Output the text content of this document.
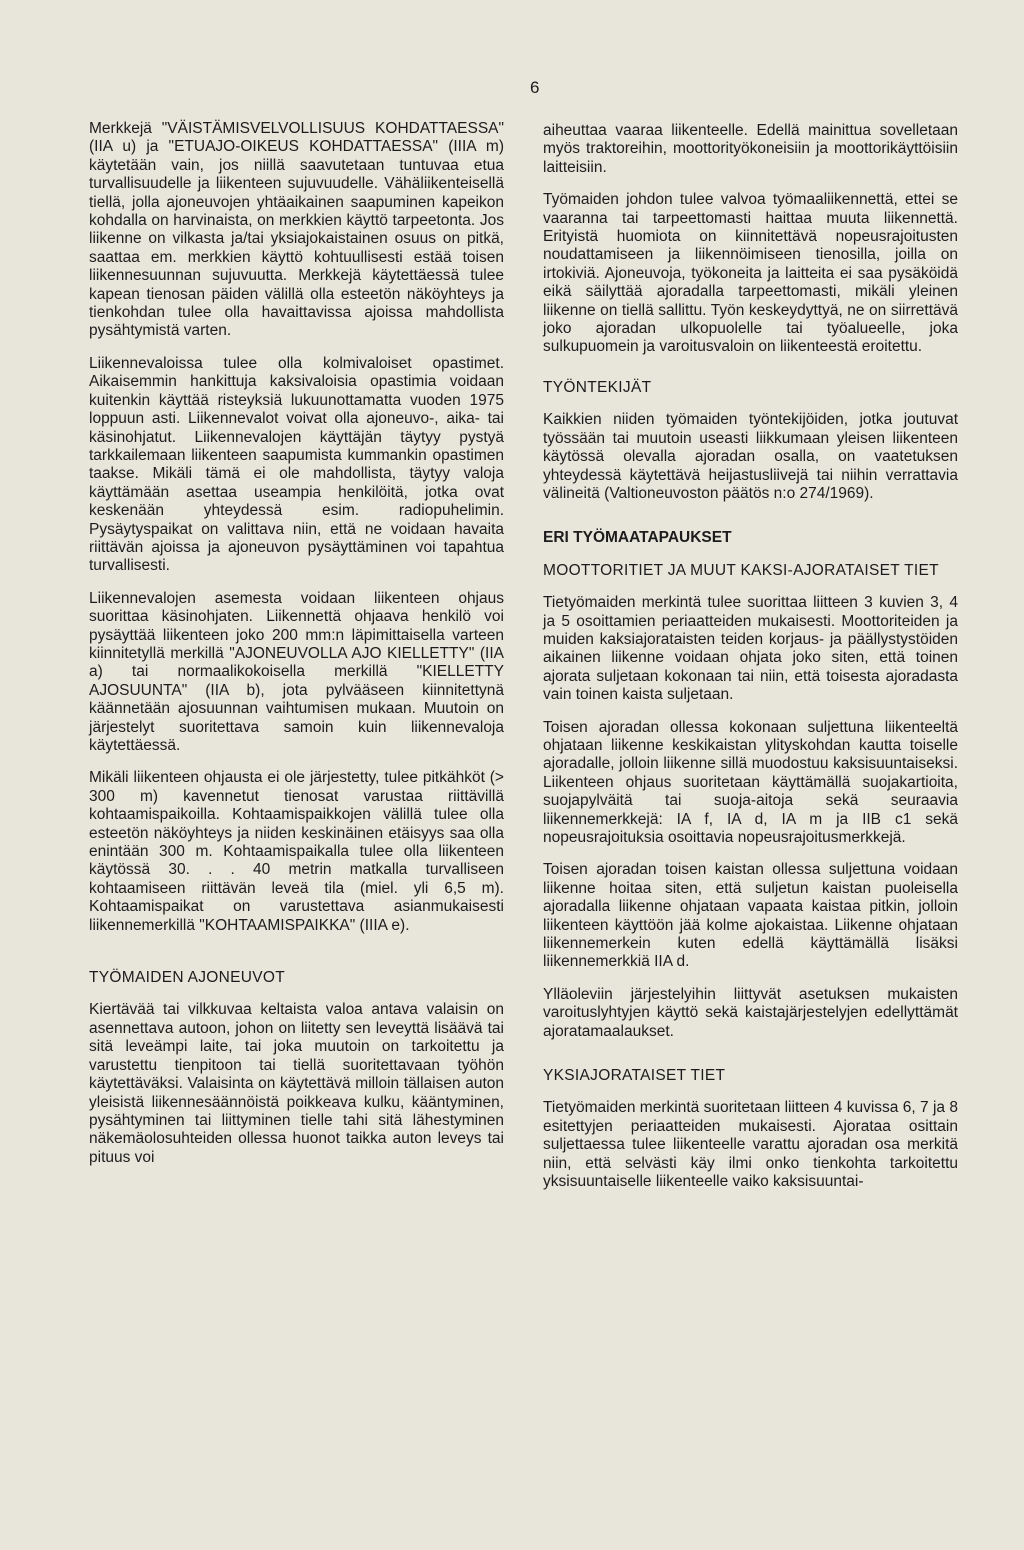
6

Merkkejä "VÄISTÄMISVELVOLLISUUS KOHDATTAESSA" (IIA u) ja "ETUAJO-OIKEUS KOHDATTAESSA" (IIIA m) käytetään vain, jos niillä saavutetaan tuntuvaa etua turvallisuudelle ja liikenteen sujuvuudelle. Vähäliikenteisellä tiellä, jolla ajoneuvojen yhtäaikainen saapuminen kapeikon kohdalla on harvinaista, on merkkien käyttö tarpeetonta. Jos liikenne on vilkasta ja/tai yksiajokaistainen osuus on pitkä, saattaa em. merkkien käyttö kohtuullisesti estää toisen liikennesuunnan sujuvuutta. Merkkejä käytettäessä tulee kapean tienosan päiden välillä olla esteetön näköyhteys ja tienkohdan tulee olla havaittavissa ajoissa mahdollista pysähtymistä varten.

Liikennevaloissa tulee olla kolmivaloiset opastimet. Aikaisemmin hankittuja kaksivaloisia opastimia voidaan kuitenkin käyttää risteyksiä lukuunottamatta vuoden 1975 loppuun asti. Liikennevalot voivat olla ajoneuvo-, aika- tai käsinohjatut. Liikennevalojen käyttäjän täytyy pystyä tarkkailemaan liikenteen saapumista kummankin opastimen taakse. Mikäli tämä ei ole mahdollista, täytyy valoja käyttämään asettaa useampia henkilöitä, jotka ovat keskenään yhteydessä esim. radiopuhelimin. Pysäytyspaikat on valittava niin, että ne voidaan havaita riittävän ajoissa ja ajoneuvon pysäyttäminen voi tapahtua turvallisesti.

Liikennevalojen asemesta voidaan liikenteen ohjaus suorittaa käsinohjaten. Liikennettä ohjaava henkilö voi pysäyttää liikenteen joko 200 mm:n läpimittaisella varteen kiinnitetyllä merkillä "AJONEUVOLLA AJO KIELLETTY" (IIA a) tai normaalikokoisella merkillä "KIELLETTY AJOSUUNTA" (IIA b), jota pylvääseen kiinnitettynä käännetään ajosuunnan vaihtumisen mukaan. Muutoin on järjestelyt suoritettava samoin kuin liikennevaloja käytettäessä.

Mikäli liikenteen ohjausta ei ole järjestetty, tulee pitkähköt (> 300 m) kavennetut tienosat varustaa riittävillä kohtaamispaikoilla. Kohtaamispaikkojen välillä tulee olla esteetön näköyhteys ja niiden keskinäinen etäisyys saa olla enintään 300 m. Kohtaamispaikalla tulee olla liikenteen käytössä 30. . . 40 metrin matkalla turvalliseen kohtaamiseen riittävän leveä tila (miel. yli 6,5 m). Kohtaamispaikat on varustettava asianmukaisesti liikennemerkillä "KOHTAAMISPAIKKA" (IIIA e).

TYÖMAIDEN AJONEUVOT

Kiertävää tai vilkkuvaa keltaista valoa antava valaisin on asennettava autoon, johon on liitetty sen leveyttä lisäävä tai sitä leveämpi laite, tai joka muutoin on tarkoitettu ja varustettu tienpitoon tai tiellä suoritettavaan työhön käytettäväksi. Valaisinta on käytettävä milloin tällaisen auton yleisistä liikennesäännöistä poikkeava kulku, kääntyminen, pysähtyminen tai liittyminen tielle tahi sitä lähestyminen näkemäolosuhteiden ollessa huonot taikka auton leveys tai pituus voi

aiheuttaa vaaraa liikenteelle. Edellä mainittua sovelletaan myös traktoreihin, moottorityökoneisiin ja moottorikäyttöisiin laitteisiin.

Työmaiden johdon tulee valvoa työmaaliikennettä, ettei se vaaranna tai tarpeettomasti haittaa muuta liikennettä. Erityistä huomiota on kiinnitettävä nopeusrajoitusten noudattamiseen ja liikennöimiseen tienosilla, joilla on irtokiviä. Ajoneuvoja, työkoneita ja laitteita ei saa pysäköidä eikä säilyttää ajoradalla tarpeettomasti, mikäli yleinen liikenne on tiellä sallittu. Työn keskeydyttyä, ne on siirrettävä joko ajoradan ulkopuolelle tai työalueelle, joka sulkupuomein ja varoitusvaloin on liikenteestä eroitettu.

TYÖNTEKIJÄT

Kaikkien niiden työmaiden työntekijöiden, jotka joutuvat työssään tai muutoin useasti liikkumaan yleisen liikenteen käytössä olevalla ajoradan osalla, on vaatetuksen yhteydessä käytettävä heijastusliivejä tai niihin verrattavia välineitä (Valtioneuvoston päätös n:o 274/1969).

ERI TYÖMAATAPAUKSET
MOOTTORITIET JA MUUT KAKSI-AJORATAISET TIET

Tietyömaiden merkintä tulee suorittaa liitteen 3 kuvien 3, 4 ja 5 osoittamien periaatteiden mukaisesti. Moottoriteiden ja muiden kaksiajorataisten teiden korjaus- ja päällystystöiden aikainen liikenne voidaan ohjata joko siten, että toinen ajorata suljetaan kokonaan tai niin, että toisesta ajoradasta vain toinen kaista suljetaan.

Toisen ajoradan ollessa kokonaan suljettuna liikenteeltä ohjataan liikenne keskikaistan ylityskohdan kautta toiselle ajoradalle, jolloin liikenne sillä muodostuu kaksisuuntaiseksi. Liikenteen ohjaus suoritetaan käyttämällä suojakartioita, suojapylväitä tai suoja-aitoja sekä seuraavia liikennemerkkejä: IA f, IA d, IA m ja IIB c1 sekä nopeusrajoituksia osoittavia nopeusrajoitusmerkkejä.

Toisen ajoradan toisen kaistan ollessa suljettuna voidaan liikenne hoitaa siten, että suljetun kaistan puoleisella ajoradalla liikenne ohjataan vapaata kaistaa pitkin, jolloin liikenteen käyttöön jää kolme ajokaistaa. Liikenne ohjataan liikennemerkein kuten edellä käyttämällä lisäksi liikennemerkkiä IIA d.

Ylläoleviin järjestelyihin liittyvät asetuksen mukaisten varoituslyhtyjen käyttö sekä kaistajärjestelyjen edellyttämät ajoratamaalaukset.

YKSIAJORATAISET TIET

Tietyömaiden merkintä suoritetaan liitteen 4 kuvissa 6, 7 ja 8 esitettyjen periaatteiden mukaisesti. Ajorataa osittain suljettaessa tulee liikenteelle varattu ajoradan osa merkitä niin, että selvästi käy ilmi onko tienkohta tarkoitettu yksisuuntaiselle liikenteelle vaiko kaksisuuntai-
